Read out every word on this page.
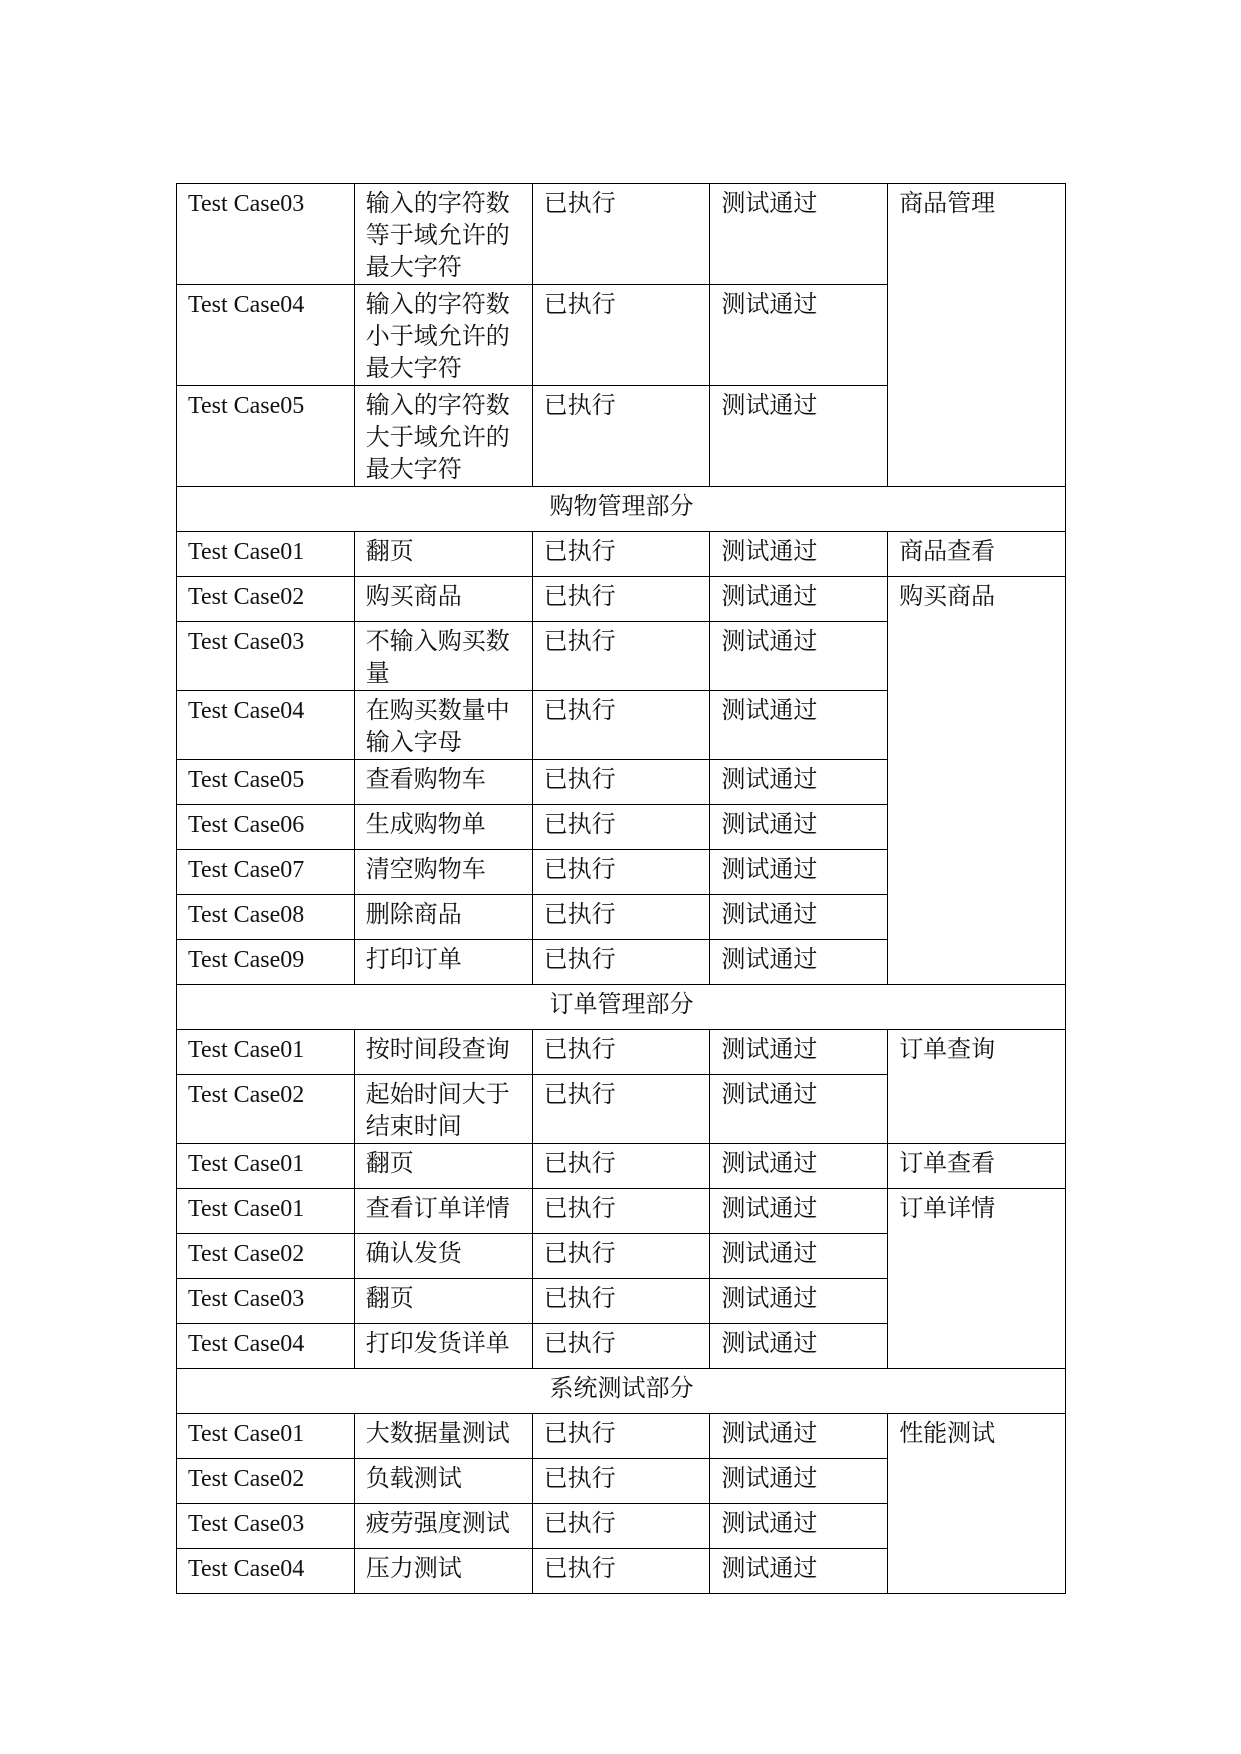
Test Case03	输入的字符数等于域允许的最大字符	已执行	测试通过	商品管理
Test Case04	输入的字符数小于域允许的最大字符	已执行	测试通过	
Test Case05	输入的字符数大于域允许的最大字符	已执行	测试通过	
购物管理部分				
Test Case01	翻页	已执行	测试通过	商品查看
Test Case02	购买商品	已执行	测试通过	购买商品
Test Case03	不输入购买数量	已执行	测试通过	
Test Case04	在购买数量中输入字母	已执行	测试通过	
Test Case05	查看购物车	已执行	测试通过	
Test Case06	生成购物单	已执行	测试通过	
Test Case07	清空购物车	已执行	测试通过	
Test Case08	删除商品	已执行	测试通过	
Test Case09	打印订单	已执行	测试通过	
订单管理部分				
Test Case01	按时间段查询	已执行	测试通过	订单查询
Test Case02	起始时间大于结束时间	已执行	测试通过	
Test Case01	翻页	已执行	测试通过	订单查看
Test Case01	查看订单详情	已执行	测试通过	订单详情
Test Case02	确认发货	已执行	测试通过	
Test Case03	翻页	已执行	测试通过	
Test Case04	打印发货详单	已执行	测试通过	
系统测试部分				
Test Case01	大数据量测试	已执行	测试通过	性能测试
Test Case02	负载测试	已执行	测试通过	
Test Case03	疲劳强度测试	已执行	测试通过	
Test Case04	压力测试	已执行	测试通过	
